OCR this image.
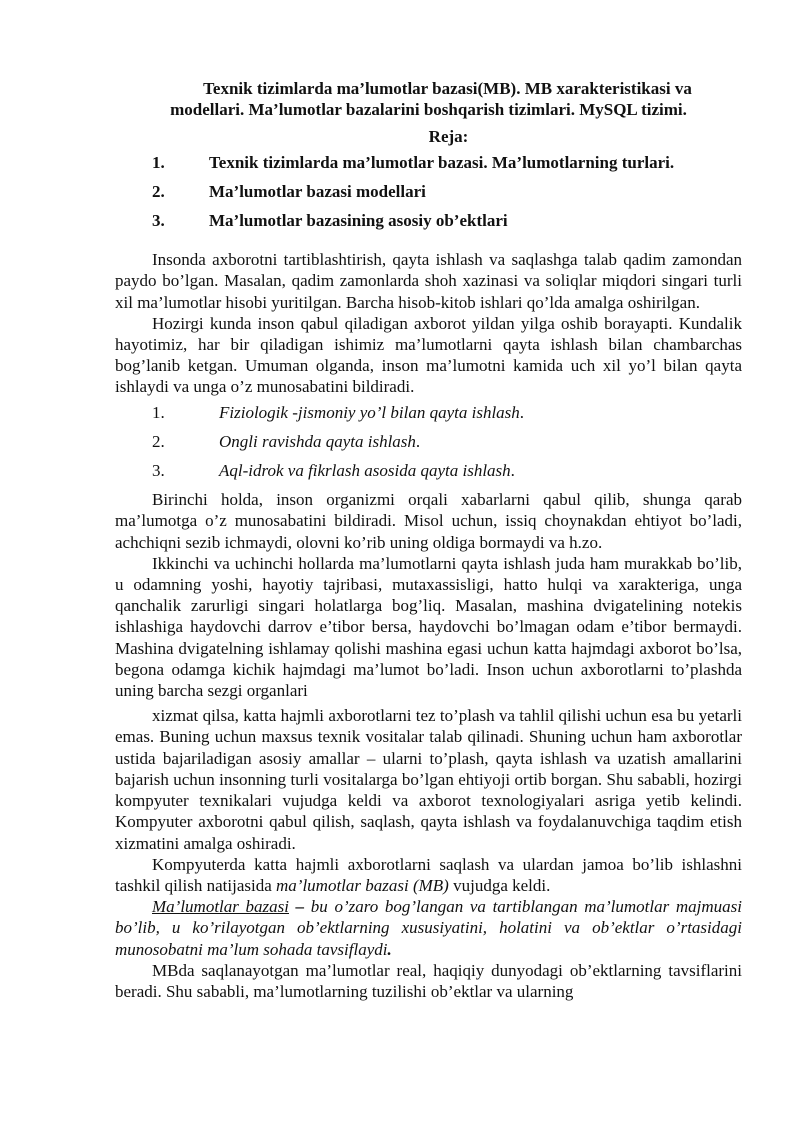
Texnik tizimlarda ma’lumotlar bazasi(MB). MB xarakteristikasi va
modellari. Ma’lumotlar bazalarini boshqarish tizimlari. MySQL tizimi.
Reja:
1.	Texnik tizimlarda ma’lumotlar bazasi. Ma’lumotlarning turlari.
2.	Ma’lumotlar bazasi modellari
3.	Ma’lumotlar bazasining asosiy ob’ektlari

Insonda axborotni tartiblashtirish, qayta ishlash va saqlashga talab qadim zamondan paydo bo’lgan. Masalan, qadim zamonlarda shoh xazinasi va soliqlar miqdori singari turli xil ma’lumotlar hisobi yuritilgan. Barcha hisob-kitob ishlari qo’lda amalga oshirilgan.

Hozirgi kunda inson qabul qiladigan axborot yildan yilga oshib borayapti. Kundalik hayotimiz, har bir qiladigan ishimiz ma’lumotlarni qayta ishlash bilan chambarchas bog’lanib ketgan. Umuman olganda, inson ma’lumotni kamida uch xil yo’l bilan qayta ishlaydi va unga o’z munosabatini bildiradi.

1.	Fiziologik -jismoniy yo’l bilan qayta ishlash.
2.	Ongli ravishda qayta ishlash.
3.	Aql-idrok va fikrlash asosida qayta ishlash.

Birinchi holda, inson organizmi orqali xabarlarni qabul qilib, shunga qarab ma’lumotga o’z munosabatini bildiradi. Misol uchun, issiq choynakdan ehtiyot bo’ladi, achchiqni sezib ichmaydi, olovni ko’rib uning oldiga bormaydi va h.zo.

Ikkinchi va uchinchi hollarda ma’lumotlarni qayta ishlash juda ham murakkab bo’lib, u odamning yoshi, hayotiy tajribasi, mutaxassisligi, hatto hulqi va xarakteriga, unga qanchalik zarurligi singari holatlarga bog’liq. Masalan, mashina dvigatelining notekis ishlashiga haydovchi darrov e’tibor bersa, haydovchi bo’lmagan odam e’tibor bermaydi. Mashina dvigatelning ishlamay qolishi mashina egasi uchun katta hajmdagi axborot bo’lsa, begona odamga kichik hajmdagi ma’lumot bo’ladi. Inson uchun axborotlarni to’plashda uning barcha sezgi organlari

xizmat qilsa, katta hajmli axborotlarni tez to’plash va tahlil qilishi uchun esa bu yetarli emas. Buning uchun maxsus texnik vositalar talab qilinadi. Shuning uchun ham axborotlar ustida bajariladigan asosiy amallar – ularni to’plash, qayta ishlash va uzatish amallarini bajarish uchun insonning turli vositalarga bo’lgan ehtiyoji ortib borgan. Shu sababli, hozirgi kompyuter texnikalari vujudga keldi va axborot texnologiyalari asriga yetib kelindi. Kompyuter axborotni qabul qilish, saqlash, qayta ishlash va foydalanuvchiga taqdim etish xizmatini amalga oshiradi.

Kompyuterda katta hajmli axborotlarni saqlash va ulardan jamoa bo’lib ishlashni tashkil qilish natijasida ma’lumotlar bazasi (MB) vujudga keldi.

Ma’lumotlar bazasi – bu o’zaro bog’langan va tartiblangan ma’lumotlar majmuasi bo’lib, u ko’rilayotgan ob’ektlarning xususiyatini, holatini va ob’ektlar o’rtasidagi munosobatni ma’lum sohada tavsiflaydi.

MBda saqlanayotgan ma’lumotlar real, haqiqiy dunyodagi ob’ektlarning tavsiflarini beradi. Shu sababli, ma’lumotlarning tuzilishi ob’ektlar va ularning
